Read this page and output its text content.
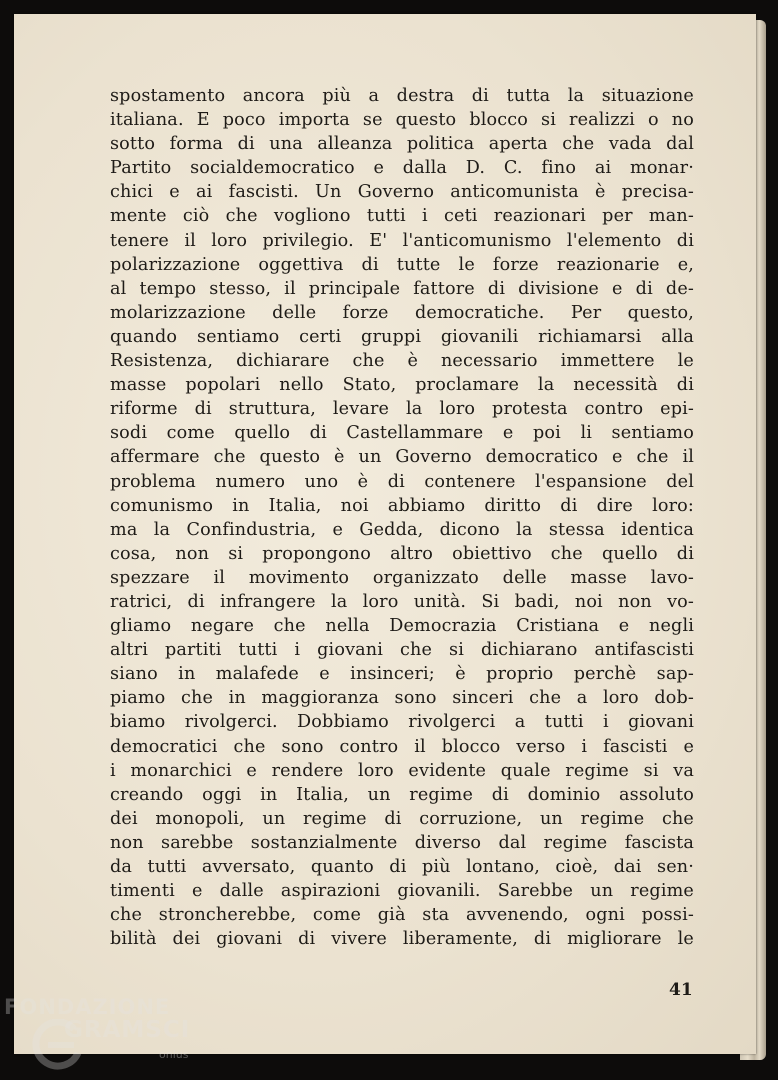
spostamento ancora più a destra di tutta la situazione
italiana. E poco importa se questo blocco si realizzi o no
sotto forma di una alleanza politica aperta che vada dal
Partito socialdemocratico e dalla D. C. fino ai monar·
chici e ai fascisti. Un Governo anticomunista è precisa-
mente ciò che vogliono tutti i ceti reazionari per man-
tenere il loro privilegio. E' l'anticomunismo l'elemento di
polarizzazione oggettiva di tutte le forze reazionarie e,
al tempo stesso, il principale fattore di divisione e di de-
molarizzazione delle forze democratiche. Per questo,
quando sentiamo certi gruppi giovanili richiamarsi alla
Resistenza, dichiarare che è necessario immettere le
masse popolari nello Stato, proclamare la necessità di
riforme di struttura, levare la loro protesta contro epi-
sodi come quello di Castellammare e poi li sentiamo
affermare che questo è un Governo democratico e che il
problema numero uno è di contenere l'espansione del
comunismo in Italia, noi abbiamo diritto di dire loro:
ma la Confindustria, e Gedda, dicono la stessa identica
cosa, non si propongono altro obiettivo che quello di
spezzare il movimento organizzato delle masse lavo-
ratrici, di infrangere la loro unità. Si badi, noi non vo-
gliamo negare che nella Democrazia Cristiana e negli
altri partiti tutti i giovani che si dichiarano antifascisti
siano in malafede e insinceri; è proprio perchè sap-
piamo che in maggioranza sono sinceri che a loro dob-
biamo rivolgerci. Dobbiamo rivolgerci a tutti i giovani
democratici che sono contro il blocco verso i fascisti e
i monarchici e rendere loro evidente quale regime si va
creando oggi in Italia, un regime di dominio assoluto
dei monopoli, un regime di corruzione, un regime che
non sarebbe sostanzialmente diverso dal regime fascista
da tutti avversato, quanto di più lontano, cioè, dai sen·
timenti e dalle aspirazioni giovanili. Sarebbe un regime
che stroncherebbe, come già sta avvenendo, ogni possi-
bilità dei giovani di vivere liberamente, di migliorare le
41
FONDAZIONE
GRAMSCI
onlus
